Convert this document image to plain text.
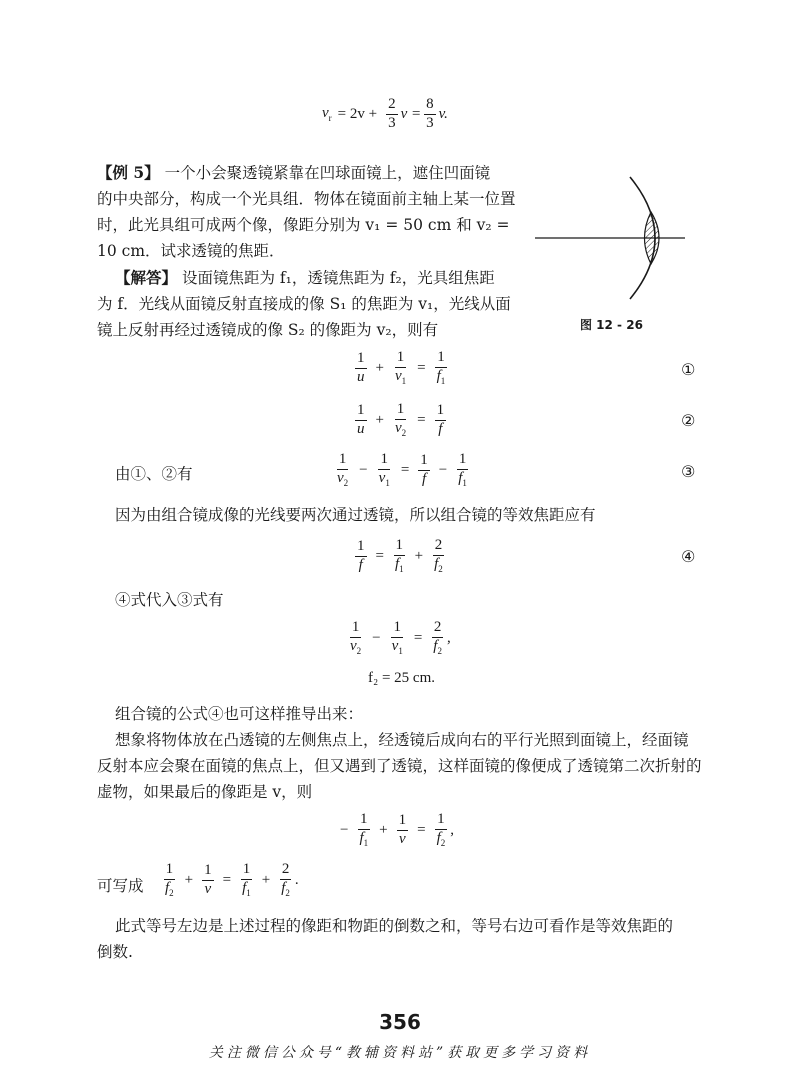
$v_r = 2v + \frac{2}{3}$ $v = \frac{8}{3} v$.
【例 5】 一个小会聚透镜紧靠在凹球面镜上，遮住凹面镜
的中央部分，构成一个光具组．物体在镜面前主轴上某一位置
时，此光具组可成两个像，像距分别为 v₁ = 50 cm 和 v₂ =
10 cm．试求透镜的焦距．
【解答】 设面镜焦距为 f₁，透镜焦距为 f₂，光具组焦距
为 f．光线从面镜反射直接成的像 S₁ 的焦距为 v₁，光线从面
镜上反射再经过透镜成的像 S₂ 的像距为 v₂，则有	图 12 - 26
$\frac{1}{u} + \frac{1}{v_1} = \frac{1}{f_1}$	①
$\frac{1}{u} + \frac{1}{v_2} = \frac{1}{f}$	②
由①、②有	$\frac{1}{v_2} - \frac{1}{v_1} = \frac{1}{f} - \frac{1}{f_1}$	③
因为由组合镜成像的光线要两次通过透镜，所以组合镜的等效焦距应有
$\frac{1}{f} = \frac{1}{f_1} + \frac{2}{f_2}$	④
④式代入③式有
$\frac{1}{v_2} - \frac{1}{v_1} = \frac{2}{f_2}$ ,
f₂ = 25 cm.
组合镜的公式④也可这样推导出来：
想象将物体放在凸透镜的左侧焦点上，经透镜后成向右的平行光照到面镜上，经面镜
反射本应会聚在面镜的焦点上，但又遇到了透镜，这样面镜的像便成了透镜第二次折射的
虚物，如果最后的像距是 v，则
− $\frac{1}{f_1} + \frac{1}{v} = \frac{1}{f_2}$ ,
可写成 $\frac{1}{f_2} + \frac{1}{v} = \frac{1}{f_1} + \frac{2}{f_2}$ .
此式等号左边是上述过程的像距和物距的倒数之和，等号右边可看作是等效焦距的
倒数.
356
关注微信公众号“教辅资料站”获取更多学习资料
